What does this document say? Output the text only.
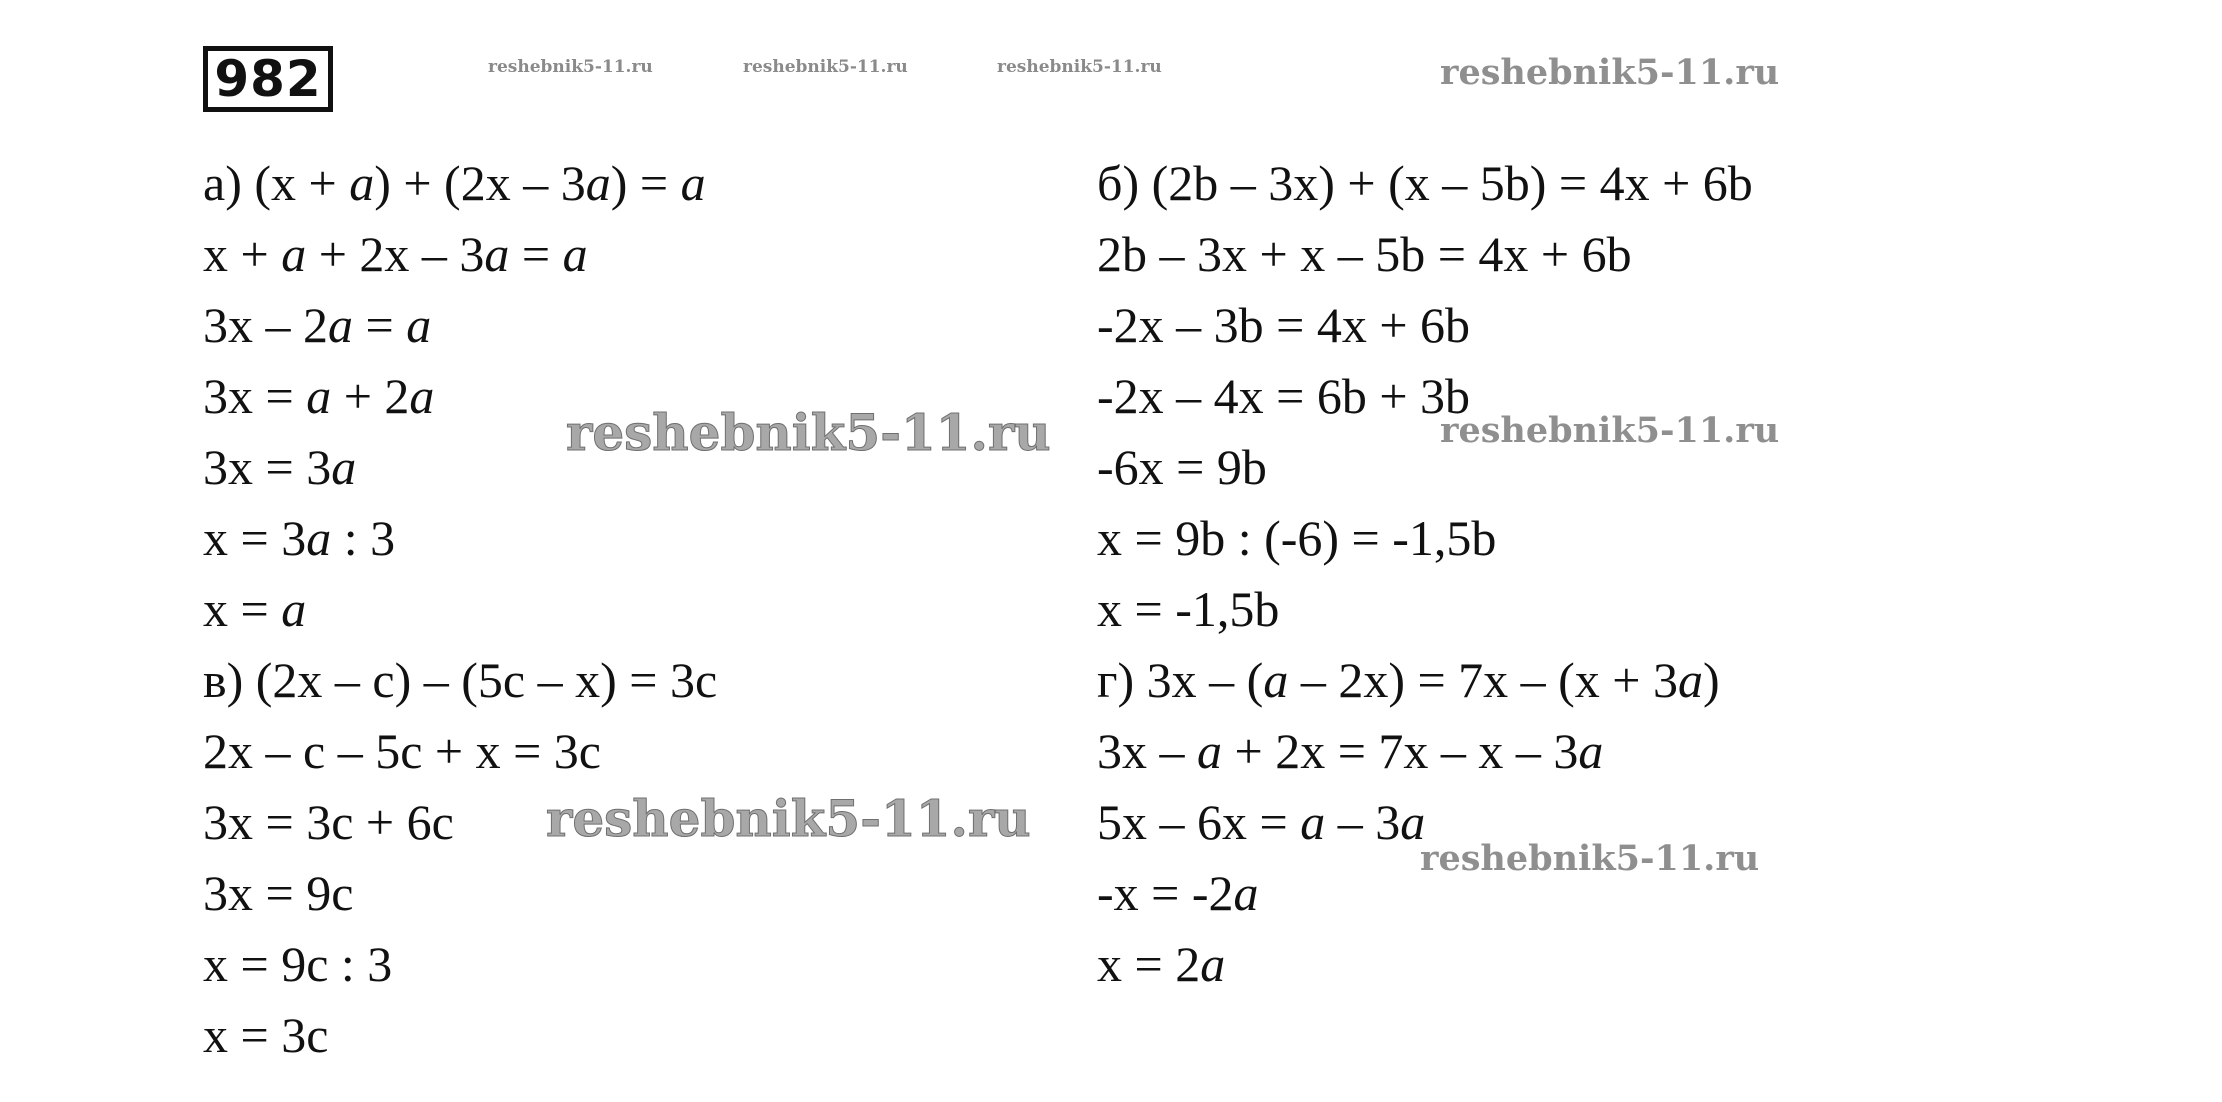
982	reshebnik5-11.ru	reshebnik5-11.ru	reshebnik5-11.ru	reshebnik5-11.ru
reshebnik5-11.ru	reshebnik5-11.ru
reshebnik5-11.ru
reshebnik5-11.ru
а) (x + a) + (2x – 3a) = a
x + a + 2x – 3a = a
3x – 2a = a
3x = a + 2a
3x = 3a
x = 3a : 3
x = a
в) (2x – c) – (5c – x) = 3c
2x – c – 5c + x = 3c
3x = 3c + 6c
3x = 9c
x = 9c : 3
x = 3c
б) (2b – 3x) + (x – 5b) = 4x + 6b
2b – 3x + x – 5b = 4x + 6b
-2x – 3b = 4x + 6b
-2x – 4x = 6b + 3b
-6x = 9b
x = 9b : (-6) = -1,5b
x = -1,5b
г) 3x – (a – 2x) = 7x – (x + 3a)
3x – a + 2x = 7x – x – 3a
5x – 6x = a – 3a
-x = -2a
x = 2a
